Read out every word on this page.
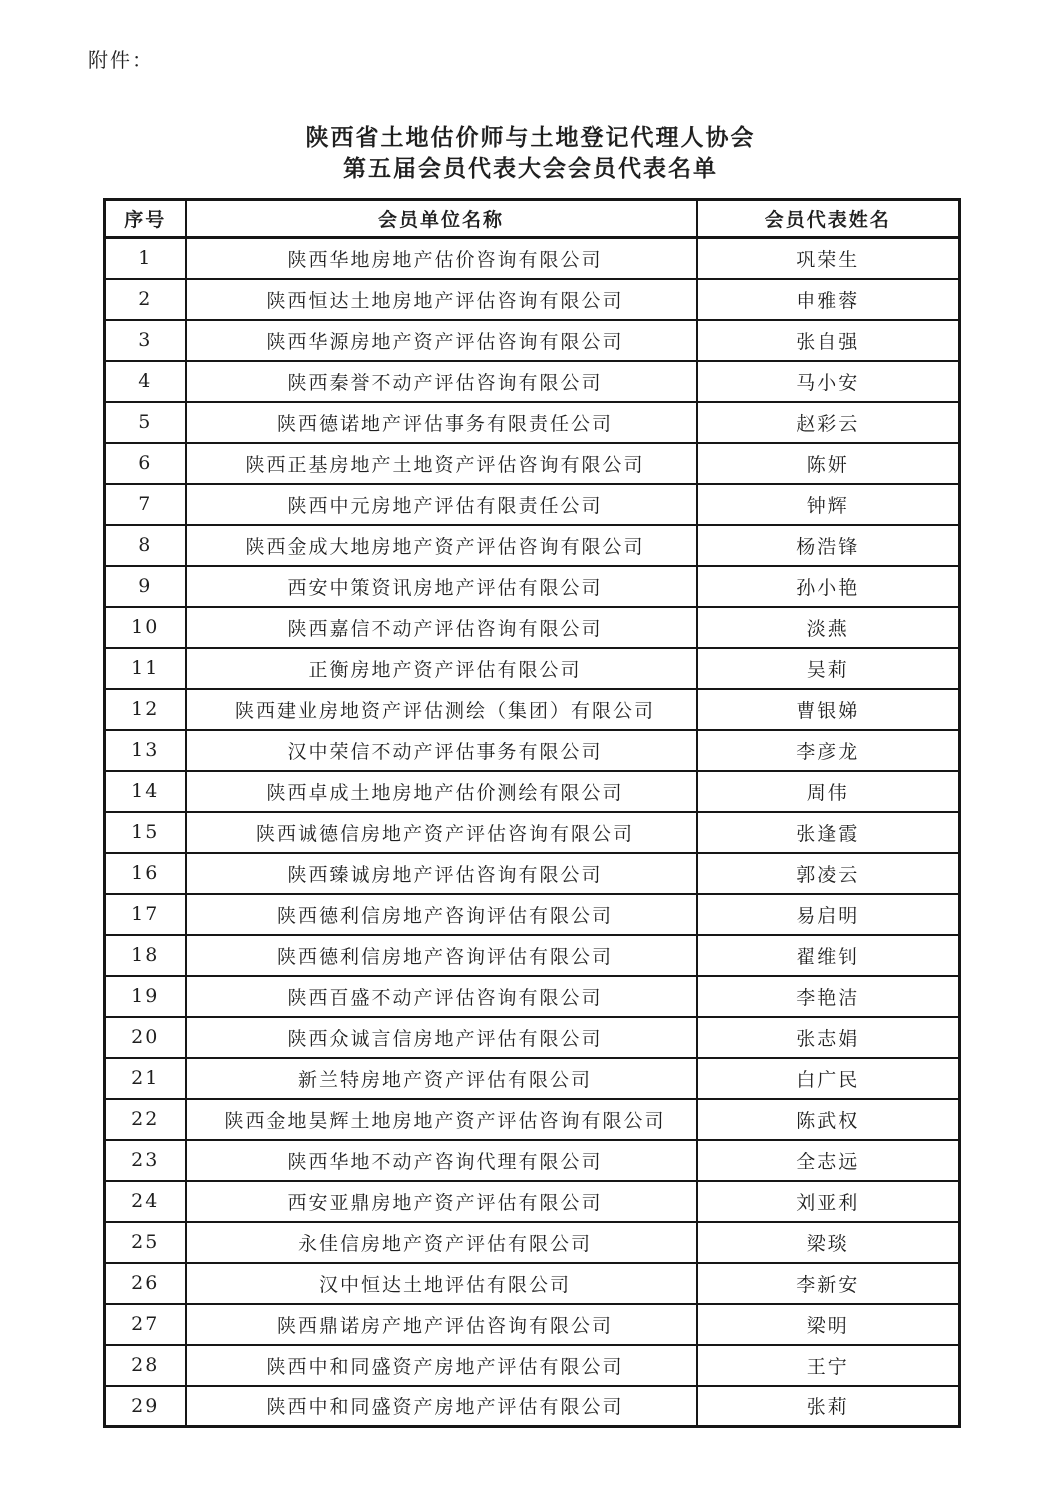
附件：
陕西省土地估价师与土地登记代理人协会
第五届会员代表大会会员代表名单
序号	会员单位名称	会员代表姓名
1	陕西华地房地产估价咨询有限公司	巩荣生
2	陕西恒达土地房地产评估咨询有限公司	申雅蓉
3	陕西华源房地产资产评估咨询有限公司	张自强
4	陕西秦誉不动产评估咨询有限公司	马小安
5	陕西德诺地产评估事务有限责任公司	赵彩云
6	陕西正基房地产土地资产评估咨询有限公司	陈妍
7	陕西中元房地产评估有限责任公司	钟辉
8	陕西金成大地房地产资产评估咨询有限公司	杨浩锋
9	西安中策资讯房地产评估有限公司	孙小艳
10	陕西嘉信不动产评估咨询有限公司	淡燕
11	正衡房地产资产评估有限公司	吴莉
12	陕西建业房地资产评估测绘（集团）有限公司	曹银娣
13	汉中荣信不动产评估事务有限公司	李彦龙
14	陕西卓成土地房地产估价测绘有限公司	周伟
15	陕西诚德信房地产资产评估咨询有限公司	张逢霞
16	陕西臻诚房地产评估咨询有限公司	郭凌云
17	陕西德利信房地产咨询评估有限公司	易启明
18	陕西德利信房地产咨询评估有限公司	翟维钊
19	陕西百盛不动产评估咨询有限公司	李艳洁
20	陕西众诚言信房地产评估有限公司	张志娟
21	新兰特房地产资产评估有限公司	白广民
22	陕西金地昊辉土地房地产资产评估咨询有限公司	陈武权
23	陕西华地不动产咨询代理有限公司	全志远
24	西安亚鼎房地产资产评估有限公司	刘亚利
25	永佳信房地产资产评估有限公司	梁琰
26	汉中恒达土地评估有限公司	李新安
27	陕西鼎诺房产地产评估咨询有限公司	梁明
28	陕西中和同盛资产房地产评估有限公司	王宁
29	陕西中和同盛资产房地产评估有限公司	张莉
